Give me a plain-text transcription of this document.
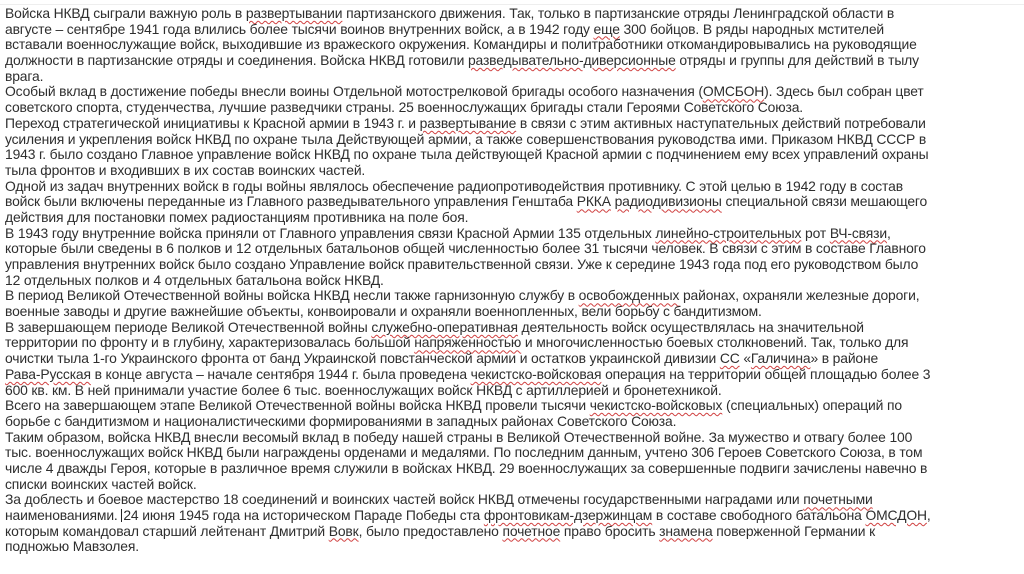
Войска НКВД сыграли важную роль в развертывании партизанского движения. Так, только в партизанские отряды Ленинградской области в
августе – сентябре 1941 года влились более тысячи воинов внутренних войск, а в 1942 году еще 300 бойцов. В ряды народных мстителей
вставали военнослужащие войск, выходившие из вражеского окружения. Командиры и политработники откомандировывались на руководящие
должности в партизанские отряды и соединения. Войска НКВД готовили разведывательно-диверсионные отряды и группы для действий в тылу
врага.
Особый вклад в достижение победы внесли воины Отдельной мотострелковой бригады особого назначения (ОМСБОН). Здесь был собран цвет
советского спорта, студенчества, лучшие разведчики страны. 25 военнослужащих бригады стали Героями Советского Союза.
Переход стратегической инициативы к Красной армии в 1943 г. и развертывание в связи с этим активных наступательных действий потребовали
усиления и укрепления войск НКВД по охране тыла Действующей армии, а также совершенствования руководства ими. Приказом НКВД СССР в
1943 г. было создано Главное управление войск НКВД по охране тыла действующей Красной армии с подчинением ему всех управлений охраны
тыла фронтов и входивших в их состав воинских частей.
Одной из задач внутренних войск в годы войны являлось обеспечение радиопротиводействия противнику. С этой целью в 1942 году в состав
войск были включены переданные из Главного разведывательного управления Генштаба РККА радиодивизионы специальной связи мешающего
действия для постановки помех радиостанциям противника на поле боя.
В 1943 году внутренние войска приняли от Главного управления связи Красной Армии 135 отдельных линейно-строительных рот ВЧ-связи,
которые были сведены в 6 полков и 12 отдельных батальонов общей численностью более 31 тысячи человек. В связи с этим в составе Главного
управления внутренних войск было создано Управление войск правительственной связи. Уже к середине 1943 года под его руководством было
12 отдельных полков и 4 отдельных батальона войск НКВД.
В период Великой Отечественной войны войска НКВД несли также гарнизонную службу в освобожденных районах, охраняли железные дороги,
военные заводы и другие важнейшие объекты, конвоировали и охраняли военнопленных, вели борьбу с бандитизмом.
В завершающем периоде Великой Отечественной войны служебно-оперативная деятельность войск осуществлялась на значительной
территории по фронту и в глубину, характеризовалась большой напряженностью и многочисленностью боевых столкновений. Так, только для
очистки тыла 1-го Украинского фронта от банд Украинской повстанческой армии и остатков украинской дивизии СС «Галичина» в районе
Рава-Русская в конце августа – начале сентября 1944 г. была проведена чекистско-войсковая операция на территории общей площадью более 3
600 кв. км. В ней принимали участие более 6 тыс. военнослужащих войск НКВД с артиллерией и бронетехникой.
Всего на завершающем этапе Великой Отечественной войны войска НКВД провели тысячи чекистско-войсковых (специальных) операций по
борьбе с бандитизмом и националистическими формированиями в западных районах Советского Союза.
Таким образом, войска НКВД внесли весомый вклад в победу нашей страны в Великой Отечественной войне. За мужество и отвагу более 100
тыс. военнослужащих войск НКВД были награждены орденами и медалями. По последним данным, учтено 306 Героев Советского Союза, в том
числе 4 дважды Героя, которые в различное время служили в войсках НКВД. 29 военнослужащих за совершенные подвиги зачислены навечно в
списки воинских частей войск.
За доблесть и боевое мастерство 18 соединений и воинских частей войск НКВД отмечены государственными наградами или почетными
наименованиями. 24 июня 1945 года на историческом Параде Победы ста фронтовикам-дзержинцам в составе свободного батальона ОМСДОН,
которым командовал старший лейтенант Дмитрий Вовк, было предоставлено почетное право бросить знамена поверженной Германии к
подножью Мавзолея.
